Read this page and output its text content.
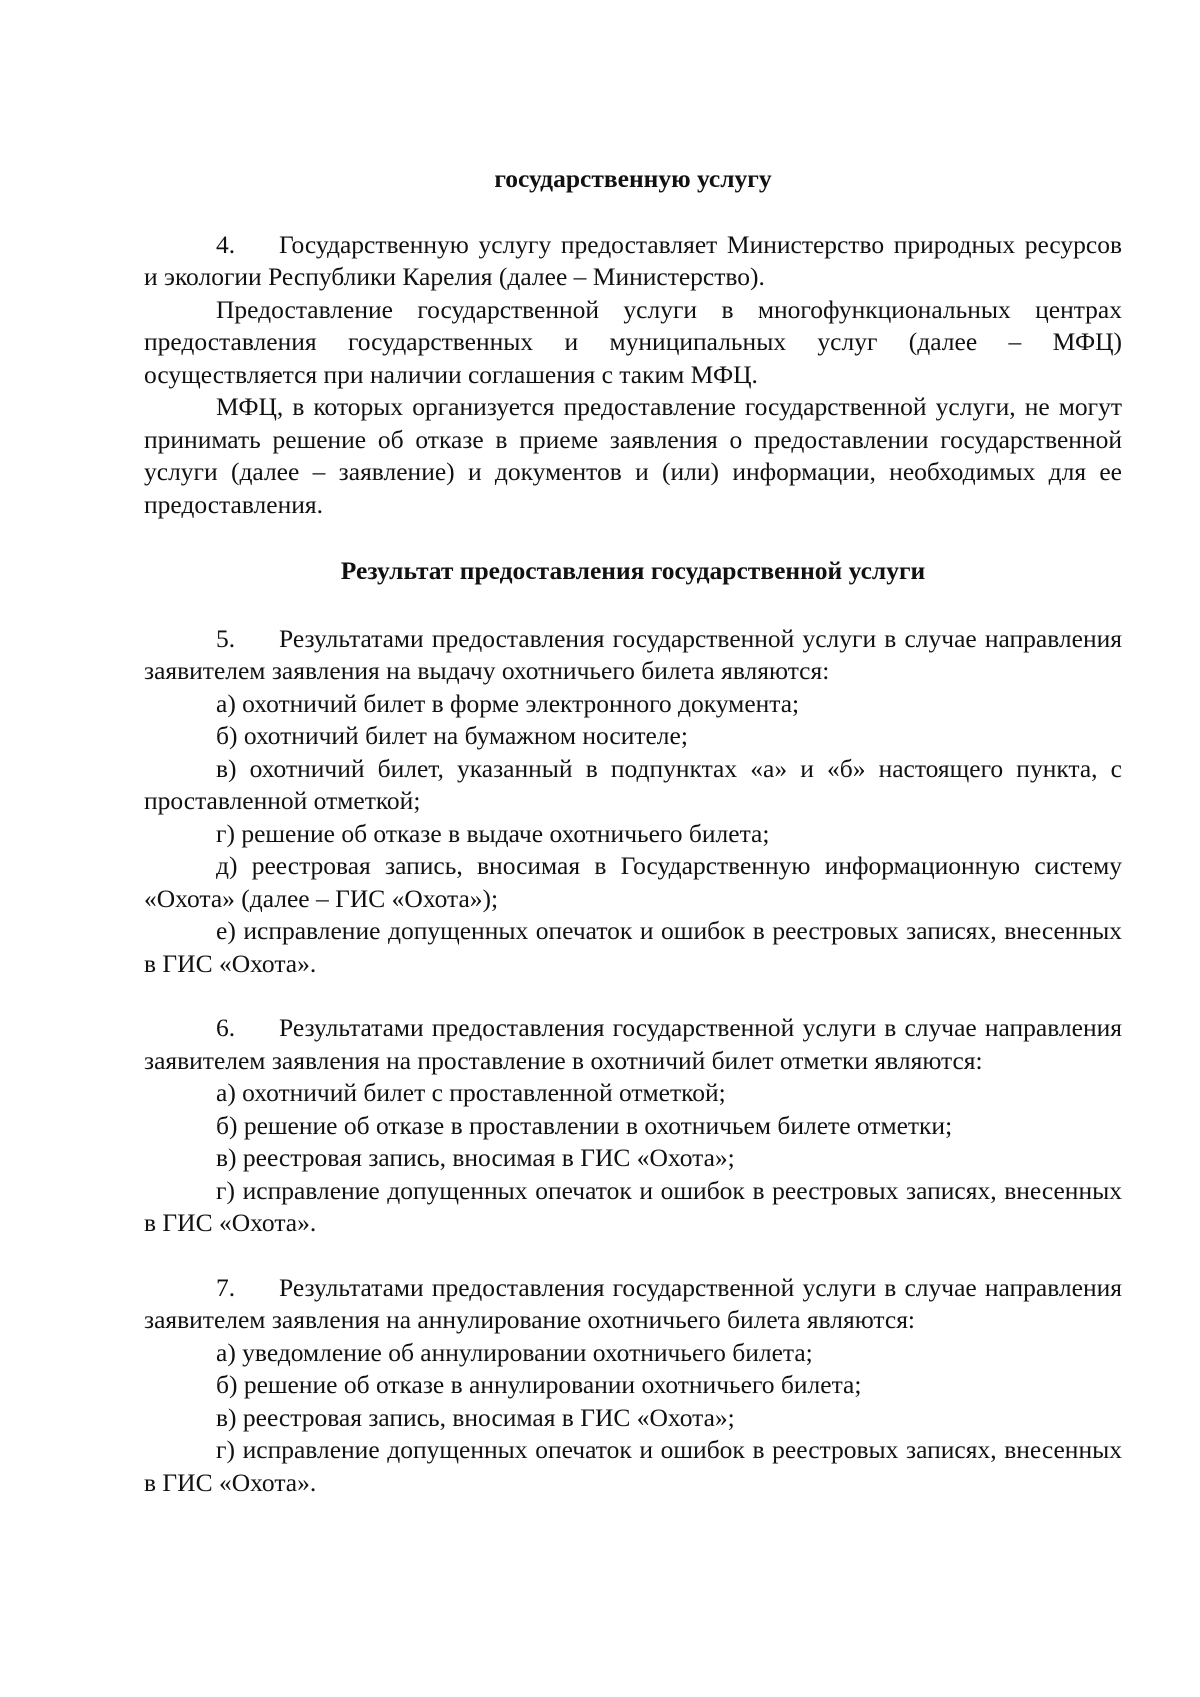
государственную услугу

4. Государственную услугу предоставляет Министерство природных ресурсов и экологии Республики Карелия (далее – Министерство).

Предоставление государственной услуги в многофункциональных центрах предоставления государственных и муниципальных услуг (далее – МФЦ) осуществляется при наличии соглашения с таким МФЦ.

МФЦ, в которых организуется предоставление государственной услуги, не могут принимать решение об отказе в приеме заявления о предоставлении государственной услуги (далее – заявление) и документов и (или) информации, необходимых для ее предоставления.

Результат предоставления государственной услуги

5. Результатами предоставления государственной услуги в случае направления заявителем заявления на выдачу охотничьего билета являются:

а) охотничий билет в форме электронного документа;

б) охотничий билет на бумажном носителе;

в) охотничий билет, указанный в подпунктах «а» и «б» настоящего пункта, с проставленной отметкой;

г) решение об отказе в выдаче охотничьего билета;

д) реестровая запись, вносимая в Государственную информационную систему «Охота» (далее – ГИС «Охота»);

е) исправление допущенных опечаток и ошибок в реестровых записях, внесенных в ГИС «Охота».

6. Результатами предоставления государственной услуги в случае направления заявителем заявления на проставление в охотничий билет отметки являются:

а) охотничий билет с проставленной отметкой;

б) решение об отказе в проставлении в охотничьем билете отметки;

в) реестровая запись, вносимая в ГИС «Охота»;

г) исправление допущенных опечаток и ошибок в реестровых записях, внесенных в ГИС «Охота».

7. Результатами предоставления государственной услуги в случае направления заявителем заявления на аннулирование охотничьего билета являются:

а) уведомление об аннулировании охотничьего билета;

б) решение об отказе в аннулировании охотничьего билета;

в) реестровая запись, вносимая в ГИС «Охота»;

г) исправление допущенных опечаток и ошибок в реестровых записях, внесенных в ГИС «Охота».
